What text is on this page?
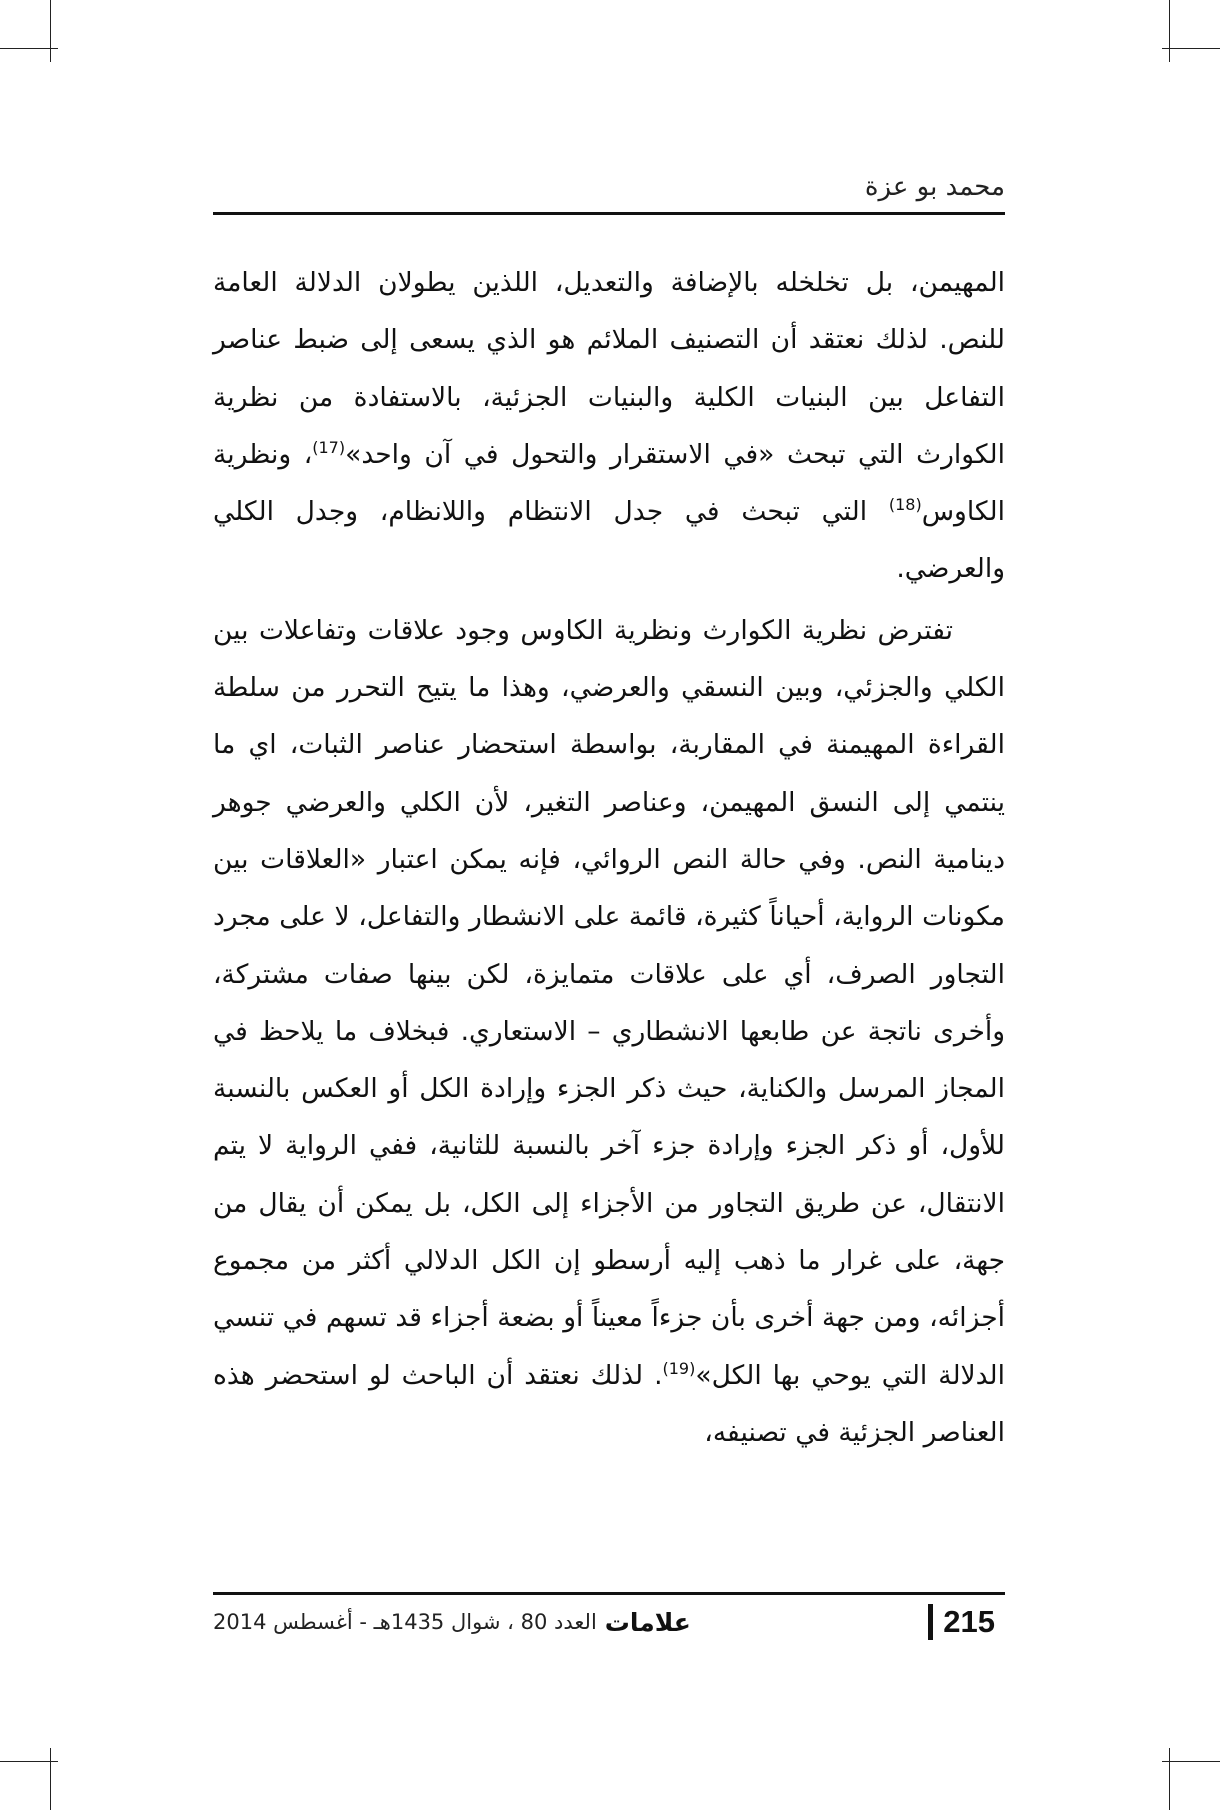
محمد بو عزة

المهيمن، بل تخلخله بالإضافة والتعديل، اللذين يطولان الدلالة العامة للنص. لذلك نعتقد أن التصنيف الملائم هو الذي يسعى إلى ضبط عناصر التفاعل بين البنيات الكلية والبنيات الجزئية، بالاستفادة من نظرية الكوارث التي تبحث «في الاستقرار والتحول في آن واحد»$^{(17)}$، ونظرية الكاوس$^{(18)}$ التي تبحث في جدل الانتظام واللانظام، وجدل الكلي والعرضي.

تفترض نظرية الكوارث ونظرية الكاوس وجود علاقات وتفاعلات بين الكلي والجزئي، وبين النسقي والعرضي، وهذا ما يتيح التحرر من سلطة القراءة المهيمنة في المقاربة، بواسطة استحضار عناصر الثبات، اي ما ينتمي إلى النسق المهيمن، وعناصر التغير، لأن الكلي والعرضي جوهر دينامية النص. وفي حالة النص الروائي، فإنه يمكن اعتبار «العلاقات بين مكونات الرواية، أحياناً كثيرة، قائمة على الانشطار والتفاعل، لا على مجرد التجاور الصرف، أي على علاقات متمايزة، لكن بينها صفات مشتركة، وأخرى ناتجة عن طابعها الانشطاري – الاستعاري. فبخلاف ما يلاحظ في المجاز المرسل والكناية، حيث ذكر الجزء وإرادة الكل أو العكس بالنسبة للأول، أو ذكر الجزء وإرادة جزء آخر بالنسبة للثانية، ففي الرواية لا يتم الانتقال، عن طريق التجاور من الأجزاء إلى الكل، بل يمكن أن يقال من جهة، على غرار ما ذهب إليه أرسطو إن الكل الدلالي أكثر من مجموع أجزائه، ومن جهة أخرى بأن جزءاً معيناً أو بضعة أجزاء قد تسهم في تنسي الدلالة التي يوحي بها الكل»$^{(19)}$. لذلك نعتقد أن الباحث لو استحضر هذه العناصر الجزئية في تصنيفه،

العدد 80 ، شوال 1435هـ - أغسطس 2014 علامات	215
